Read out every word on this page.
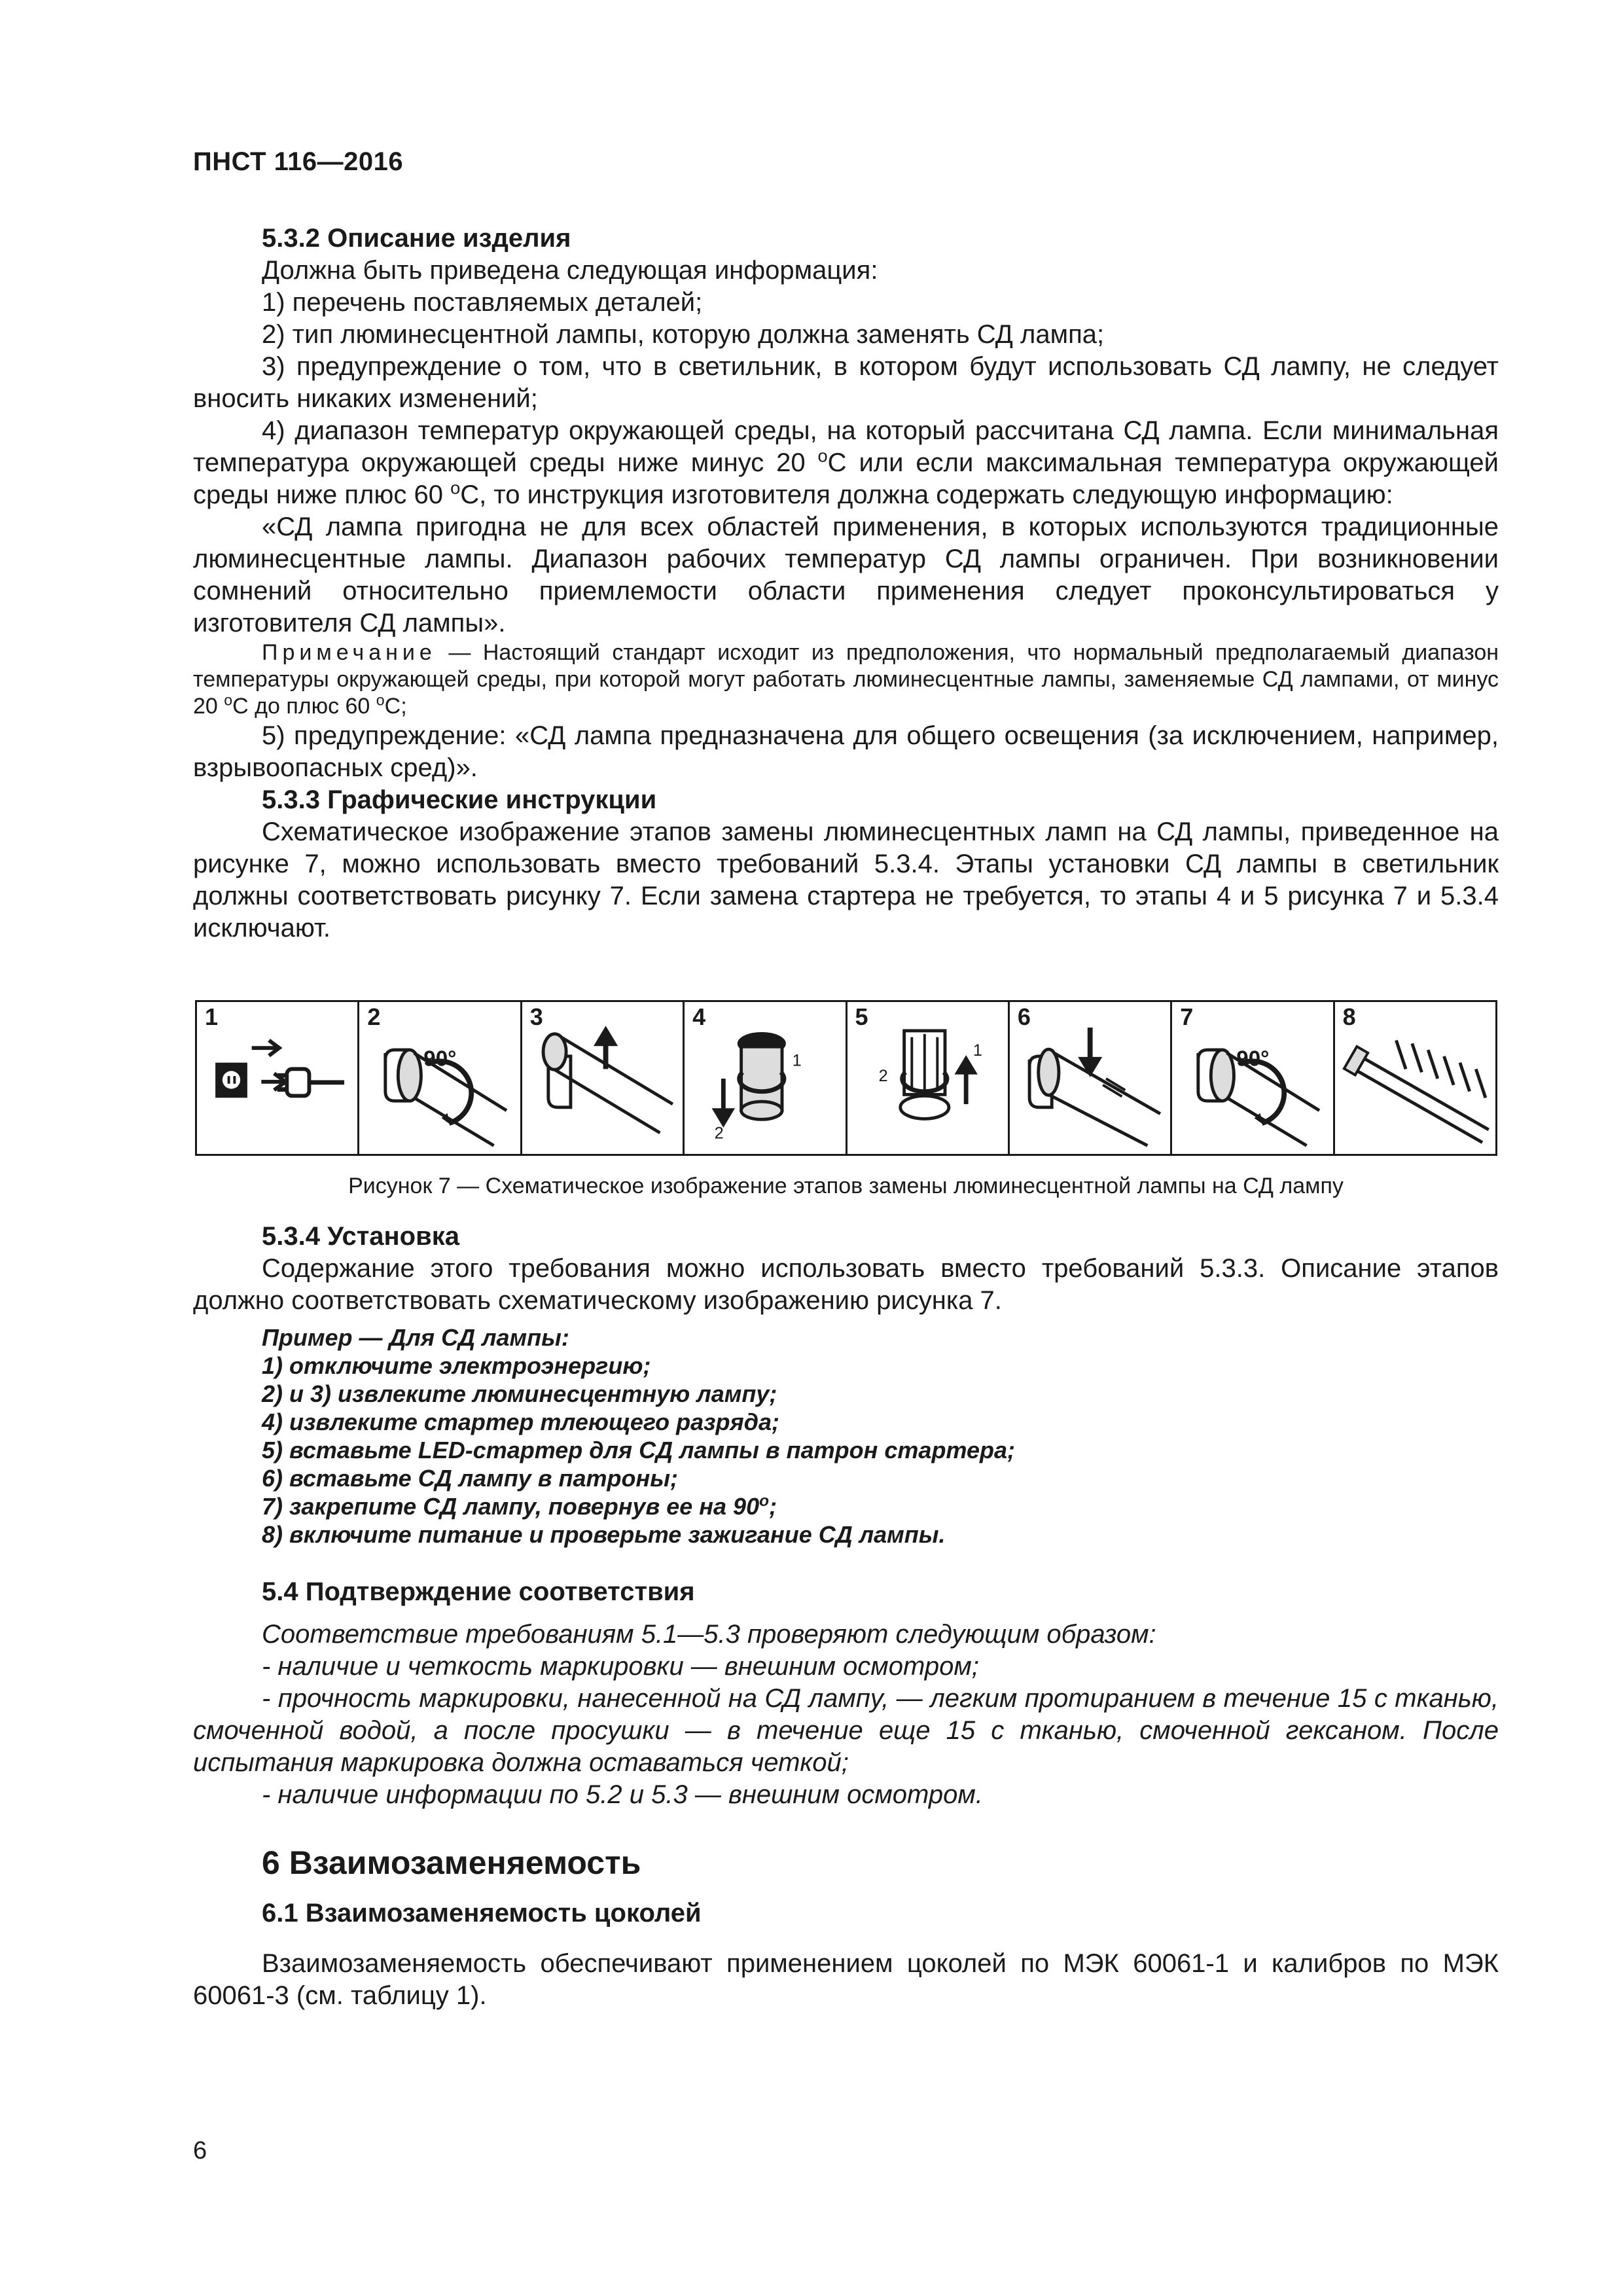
ПНСТ 116—2016

5.3.2 Описание изделия

Должна быть приведена следующая информация:

1) перечень поставляемых деталей;

2) тип люминесцентной лампы, которую должна заменять СД лампа;

3) предупреждение о том, что в светильник, в котором будут использовать СД лампу, не следует вносить никаких изменений;

4) диапазон температур окружающей среды, на который рассчитана СД лампа. Если минимальная температура окружающей среды ниже минус 20 $^о$С или если максимальная температура окружающей среды ниже плюс 60 $^о$С, то инструкция изготовителя должна содержать следующую информацию:

«СД лампа пригодна не для всех областей применения, в которых используются традиционные люминесцентные лампы. Диапазон рабочих температур СД лампы ограничен. При возникновении сомнений относительно приемлемости области применения следует проконсультироваться у изготовителя СД лампы».

Примечание — Настоящий стандарт исходит из предположения, что нормальный предполагаемый диапазон температуры окружающей среды, при которой могут работать люминесцентные лампы, заменяемые СД лампами, от минус 20 $^о$С до плюс 60 $^о$С;

5) предупреждение: «СД лампа предназначена для общего освещения (за исключением, например, взрывоопасных сред)».

5.3.3 Графические инструкции

Схематическое изображение этапов замены люминесцентных ламп на СД лампы, приведенное на рисунке 7, можно использовать вместо требований 5.3.4. Этапы установки СД лампы в светильник должны соответствовать рисунку 7. Если замена стартера не требуется, то этапы 4 и 5 рисунка 7 и 5.3.4 исключают.

1	2
90°
3	4
1
2
5
1
2
6	7
90°
8
Рисунок 7 — Схематическое изображение этапов замены люминесцентной лампы на СД лампу

5.3.4 Установка

Содержание этого требования можно использовать вместо требований 5.3.3. Описание этапов должно соответствовать схематическому изображению рисунка 7.

Пример — Для СД лампы:

1) отключите электроэнергию;

2) и 3) извлеките люминесцентную лампу;

4) извлеките стартер тлеющего разряда;

5) вставьте LED-стартер для СД лампы в патрон стартера;

6) вставьте СД лампу в патроны;

7) закрепите СД лампу, повернув ее на $90^о$;

8) включите питание и проверьте зажигание СД лампы.

5.4 Подтверждение соответствия

Соответствие требованиям 5.1—5.3 проверяют следующим образом:

- наличие и четкость маркировки — внешним осмотром;

- прочность маркировки, нанесенной на СД лампу, — легким протиранием в течение 15 с тканью, смоченной водой, а после просушки — в течение еще 15 с тканью, смоченной гексаном. После испытания маркировка должна оставаться четкой;

- наличие информации по 5.2 и 5.3 — внешним осмотром.

6 Взаимозаменяемость

6.1 Взаимозаменяемость цоколей

Взаимозаменяемость обеспечивают применением цоколей по МЭК 60061-1 и калибров по МЭК 60061-3 (см. таблицу 1).

6
